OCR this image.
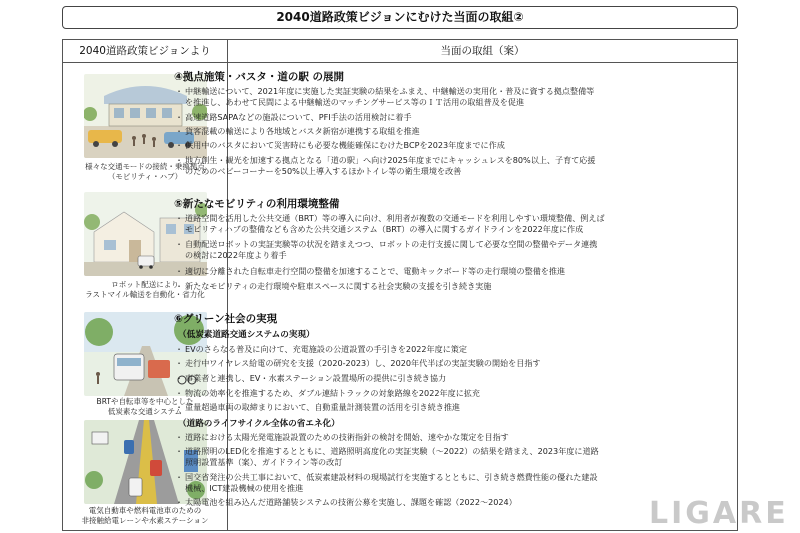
2040道路政策ビジョンにむけた当面の取組②
2040道路政策ビジョンより	当面の取組（案）
様々な交通モードの接続・乗換拠点
（モビリティ・ハブ）
ロボット配送により
ラストマイル輸送を自動化・省力化
BRTや自転車等を中心とした
低炭素な交通システム
電気自動車や燃料電池車のための
非接触給電レーンや水素ステーション
④拠点施策・バスタ・道の駅 の展開
・ 中継輸送について、2021年度に実施した実証実験の結果をふまえ、中継輸送の実用化・普及に資する拠点整備等
を推進し、あわせて民間による中継輸送のマッチングサービス等のＩＴ活用の取組普及を促進
・ 高速道路SAPAなどの施設について、PFI手法の活用検討に着手
・ 貨客混載の輸送により各地域とバスタ新宿が連携する取組を推進
・ 供用中のバスタにおいて災害時にも必要な機能確保にむけたBCPを2023年度までに作成
・ 地方創生・観光を加速する拠点となる「道の駅」へ向け2025年度までにキャッシュレスを80%以上、子育て応援
のためのベビーコーナーを50%以上導入するほかトイレ等の衛生環境を改善
⑤新たなモビリティの利用環境整備
・ 道路空間を活用した公共交通（BRT）等の導入に向け、利用者が複数の交通モードを利用しやすい環境整備、例えば
モビリティハブの整備なども含めた公共交通システム（BRT）の導入に関するガイドラインを2022年度に作成
・ 自動配送ロボットの実証実験等の状況を踏まえつつ、ロボットの走行支援に関して必要な空間の整備やデータ連携
の検討に2022年度より着手
・ 適切に分離された自転車走行空間の整備を加速することで、電動キックボード等の走行環境の整備を推進
・ 新たなモビリティの走行環境や駐車スペースに関する社会実験の支援を引き続き実施
⑥グリーン社会の実現
（低炭素道路交通システムの実現）
・ EVのさらなる普及に向けて、充電施設の公道設置の手引きを2022年度に策定
・ 走行中ワイヤレス給電の研究を支援（2020-2023）し、2020年代半ばの実証実験の開始を目指す
・ 事業者と連携し、EV・水素ステーション設置場所の提供に引き続き協力
・ 物流の効率化を推進するため、ダブル連結トラックの対象路線を2022年度に拡充
・ 重量超過車両の取締まりにおいて、自動重量計測装置の活用を引き続き推進
（道路のライフサイクル全体の省エネ化）
・ 道路における太陽光発電施設設置のための技術指針の検討を開始、速やかな策定を目指す
・ 道路照明のLED化を推進するとともに、道路照明高度化の実証実験（～2022）の結果を踏まえ、2023年度に道路
照明設置基準（案）、ガイドライン等の改訂
・ 国交省発注の公共工事において、低炭素建設材料の現場試行を実施するとともに、引き続き燃費性能の優れた建設
機械、ICT建設機械の使用を推進
・ 太陽電池を組み込んだ道路舗装システムの技術公募を実施し、課題を確認（2022～2024）	LIGARE
